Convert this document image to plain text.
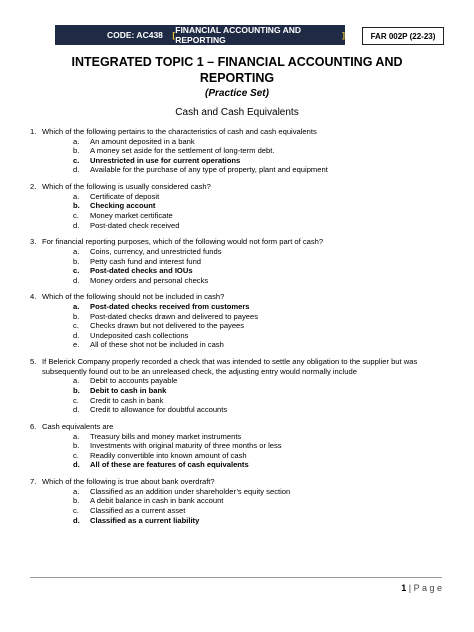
CODE: AC438	[ FINANCIAL ACCOUNTING AND REPORTING	]	FAR 002P (22-23)
INTEGRATED TOPIC 1 – FINANCIAL ACCOUNTING AND REPORTING
(Practice Set)
Cash and Cash Equivalents
1. Which of the following pertains to the characteristics of cash and cash equivalents
a.	An amount deposited in a bank
b.	A money set aside for the settlement of long-term debt.
c.	Unrestricted in use for current operations
d.	Available for the purchase of any type of property, plant and equipment
2. Which of the following is usually considered cash?
a.	Certificate of deposit
b.	Checking account
c.	Money market certificate
d.	Post-dated check received
3. For financial reporting purposes, which of the following would not form part of cash?
a.	Coins, currency, and unrestricted funds
b.	Petty cash fund and interest fund
c.	Post-dated checks and IOUs
d.	Money orders and personal checks
4. Which of the following should not be included in cash?
a.	Post-dated checks received from customers
b.	Post-dated checks drawn and delivered to payees
c.	Checks drawn but not delivered to the payees
d.	Undeposited cash collections
e.	All of these shot not be included in cash
5. If Belerick Company properly recorded a check that was intended to settle any obligation to the supplier but was subsequently found out to be an unreleased check, the adjusting entry would normally include
a.	Debit to accounts payable
b.	Debit to cash in bank
c.	Credit to cash in bank
d.	Credit to allowance for doubtful accounts
6. Cash equivalents are
a.	Treasury bills and money market instruments
b.	Investments with original maturity of three months or less
c.	Readily convertible into known amount of cash
d.	All of these are features of cash equivalents
7. Which of the following is true about bank overdraft?
a.	Classified as an addition under shareholder’s equity section
b.	A debit balance in cash in bank account
c.	Classified as a current asset
d.	Classified as a current liability
1 | P a g e
